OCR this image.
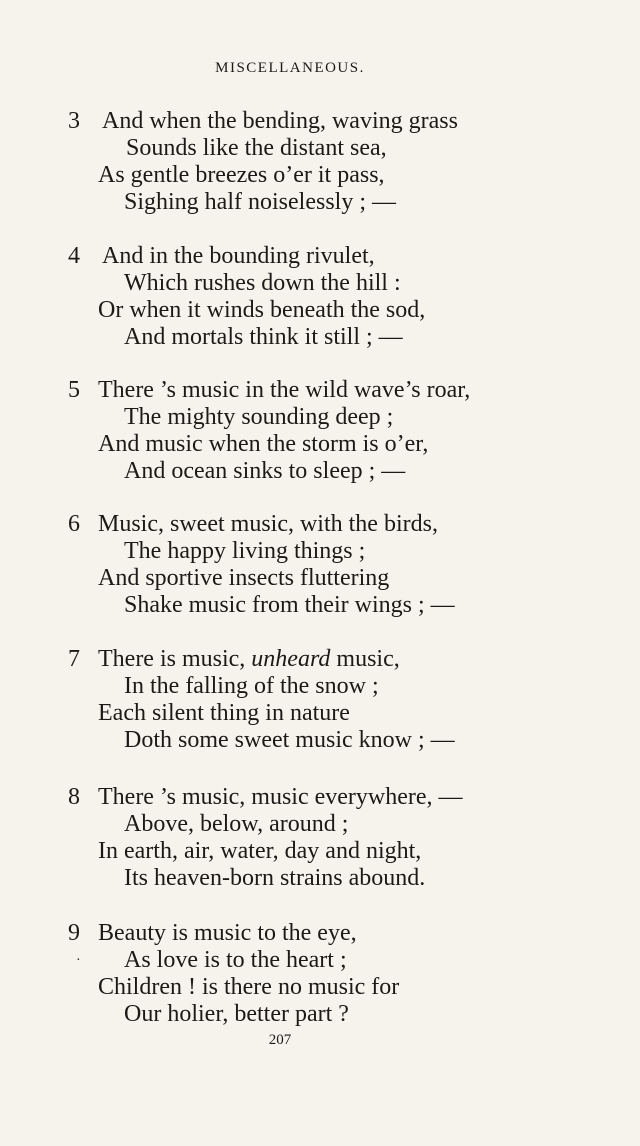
MISCELLANEOUS.
3 And when the bending, waving grass
Sounds like the distant sea,
As gentle breezes o’er it pass,
Sighing half noiselessly ; —
4 And in the bounding rivulet,
Which rushes down the hill :
Or when it winds beneath the sod,
And mortals think it still ; —
5 There ’s music in the wild wave’s roar,
The mighty sounding deep ;
And music when the storm is o’er,
And ocean sinks to sleep ; —
6 Music, sweet music, with the birds,
The happy living things ;
And sportive insects fluttering
Shake music from their wings ; —
7 There is music, unheard music,
In the falling of the snow ;
Each silent thing in nature
Doth some sweet music know ; —
8 There ’s music, music everywhere, —
Above, below, around ;
In earth, air, water, day and night,
Its heaven-born strains abound.
9 Beauty is music to the eye,
As love is to the heart ;
Children ! is there no music for
Our holier, better part ?
·
207
